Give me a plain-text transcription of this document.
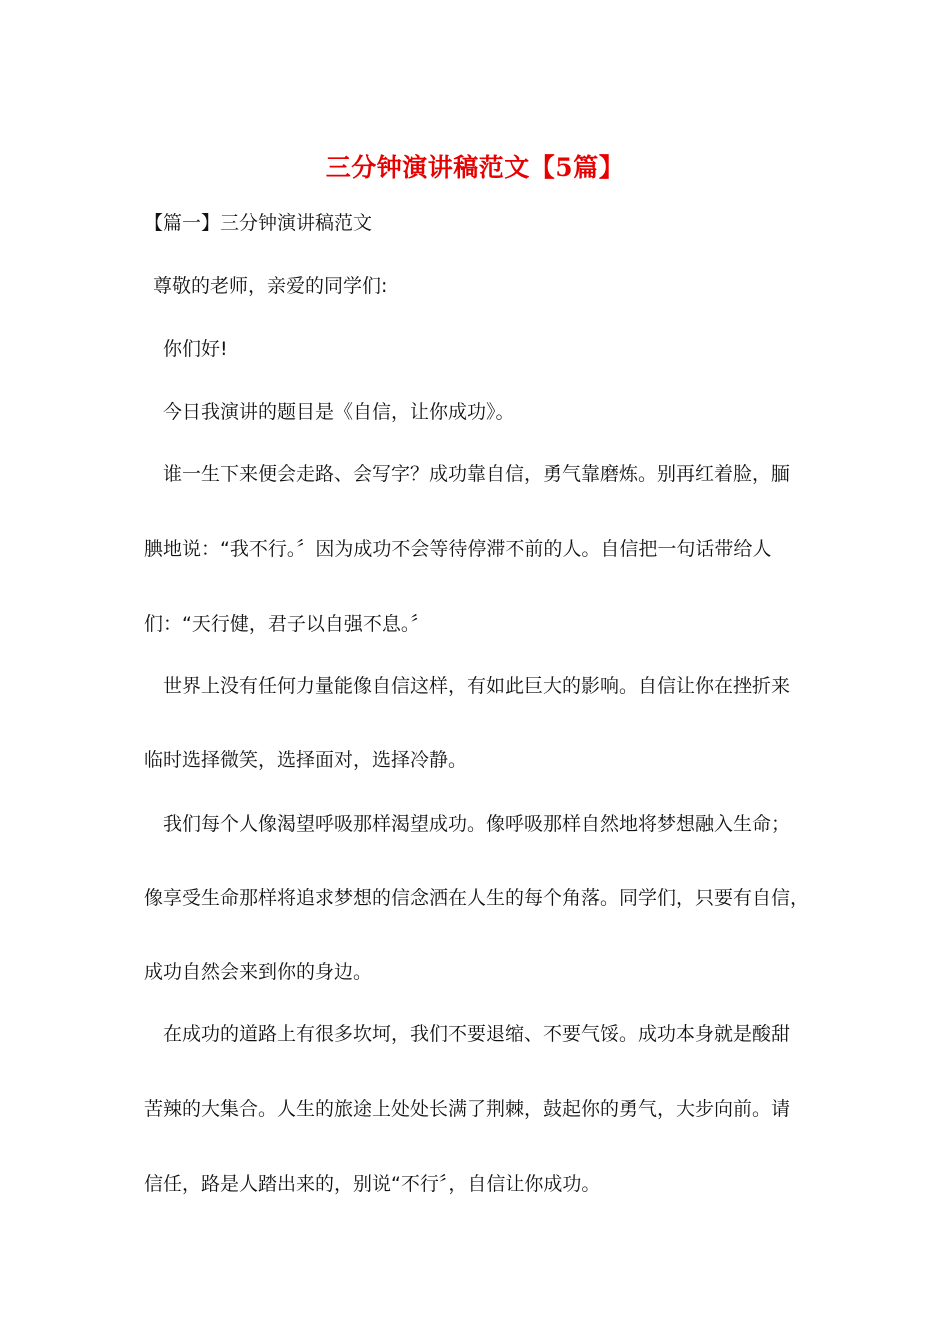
三分钟演讲稿范文【5篇】
【篇一】三分钟演讲稿范文
尊敬的老师，亲爱的同学们:
你们好!
今日我演讲的题目是《自信，让你成功》。
谁一生下来便会走路、会写字？成功靠自信，勇气靠磨炼。别再红着脸，腼
腆地说：“我不行。〞因为成功不会等待停滞不前的人。自信把一句话带给人
们：“天行健，君子以自强不息。〞
世界上没有任何力量能像自信这样，有如此巨大的影响。自信让你在挫折来
临时选择微笑，选择面对，选择冷静。
我们每个人像渴望呼吸那样渴望成功。像呼吸那样自然地将梦想融入生命；
像享受生命那样将追求梦想的信念洒在人生的每个角落。同学们，只要有自信，
成功自然会来到你的身边。
在成功的道路上有很多坎坷，我们不要退缩、不要气馁。成功本身就是酸甜
苦辣的大集合。人生的旅途上处处长满了荆棘，鼓起你的勇气，大步向前。请
信任，路是人踏出来的，别说“不行〞，自信让你成功。
